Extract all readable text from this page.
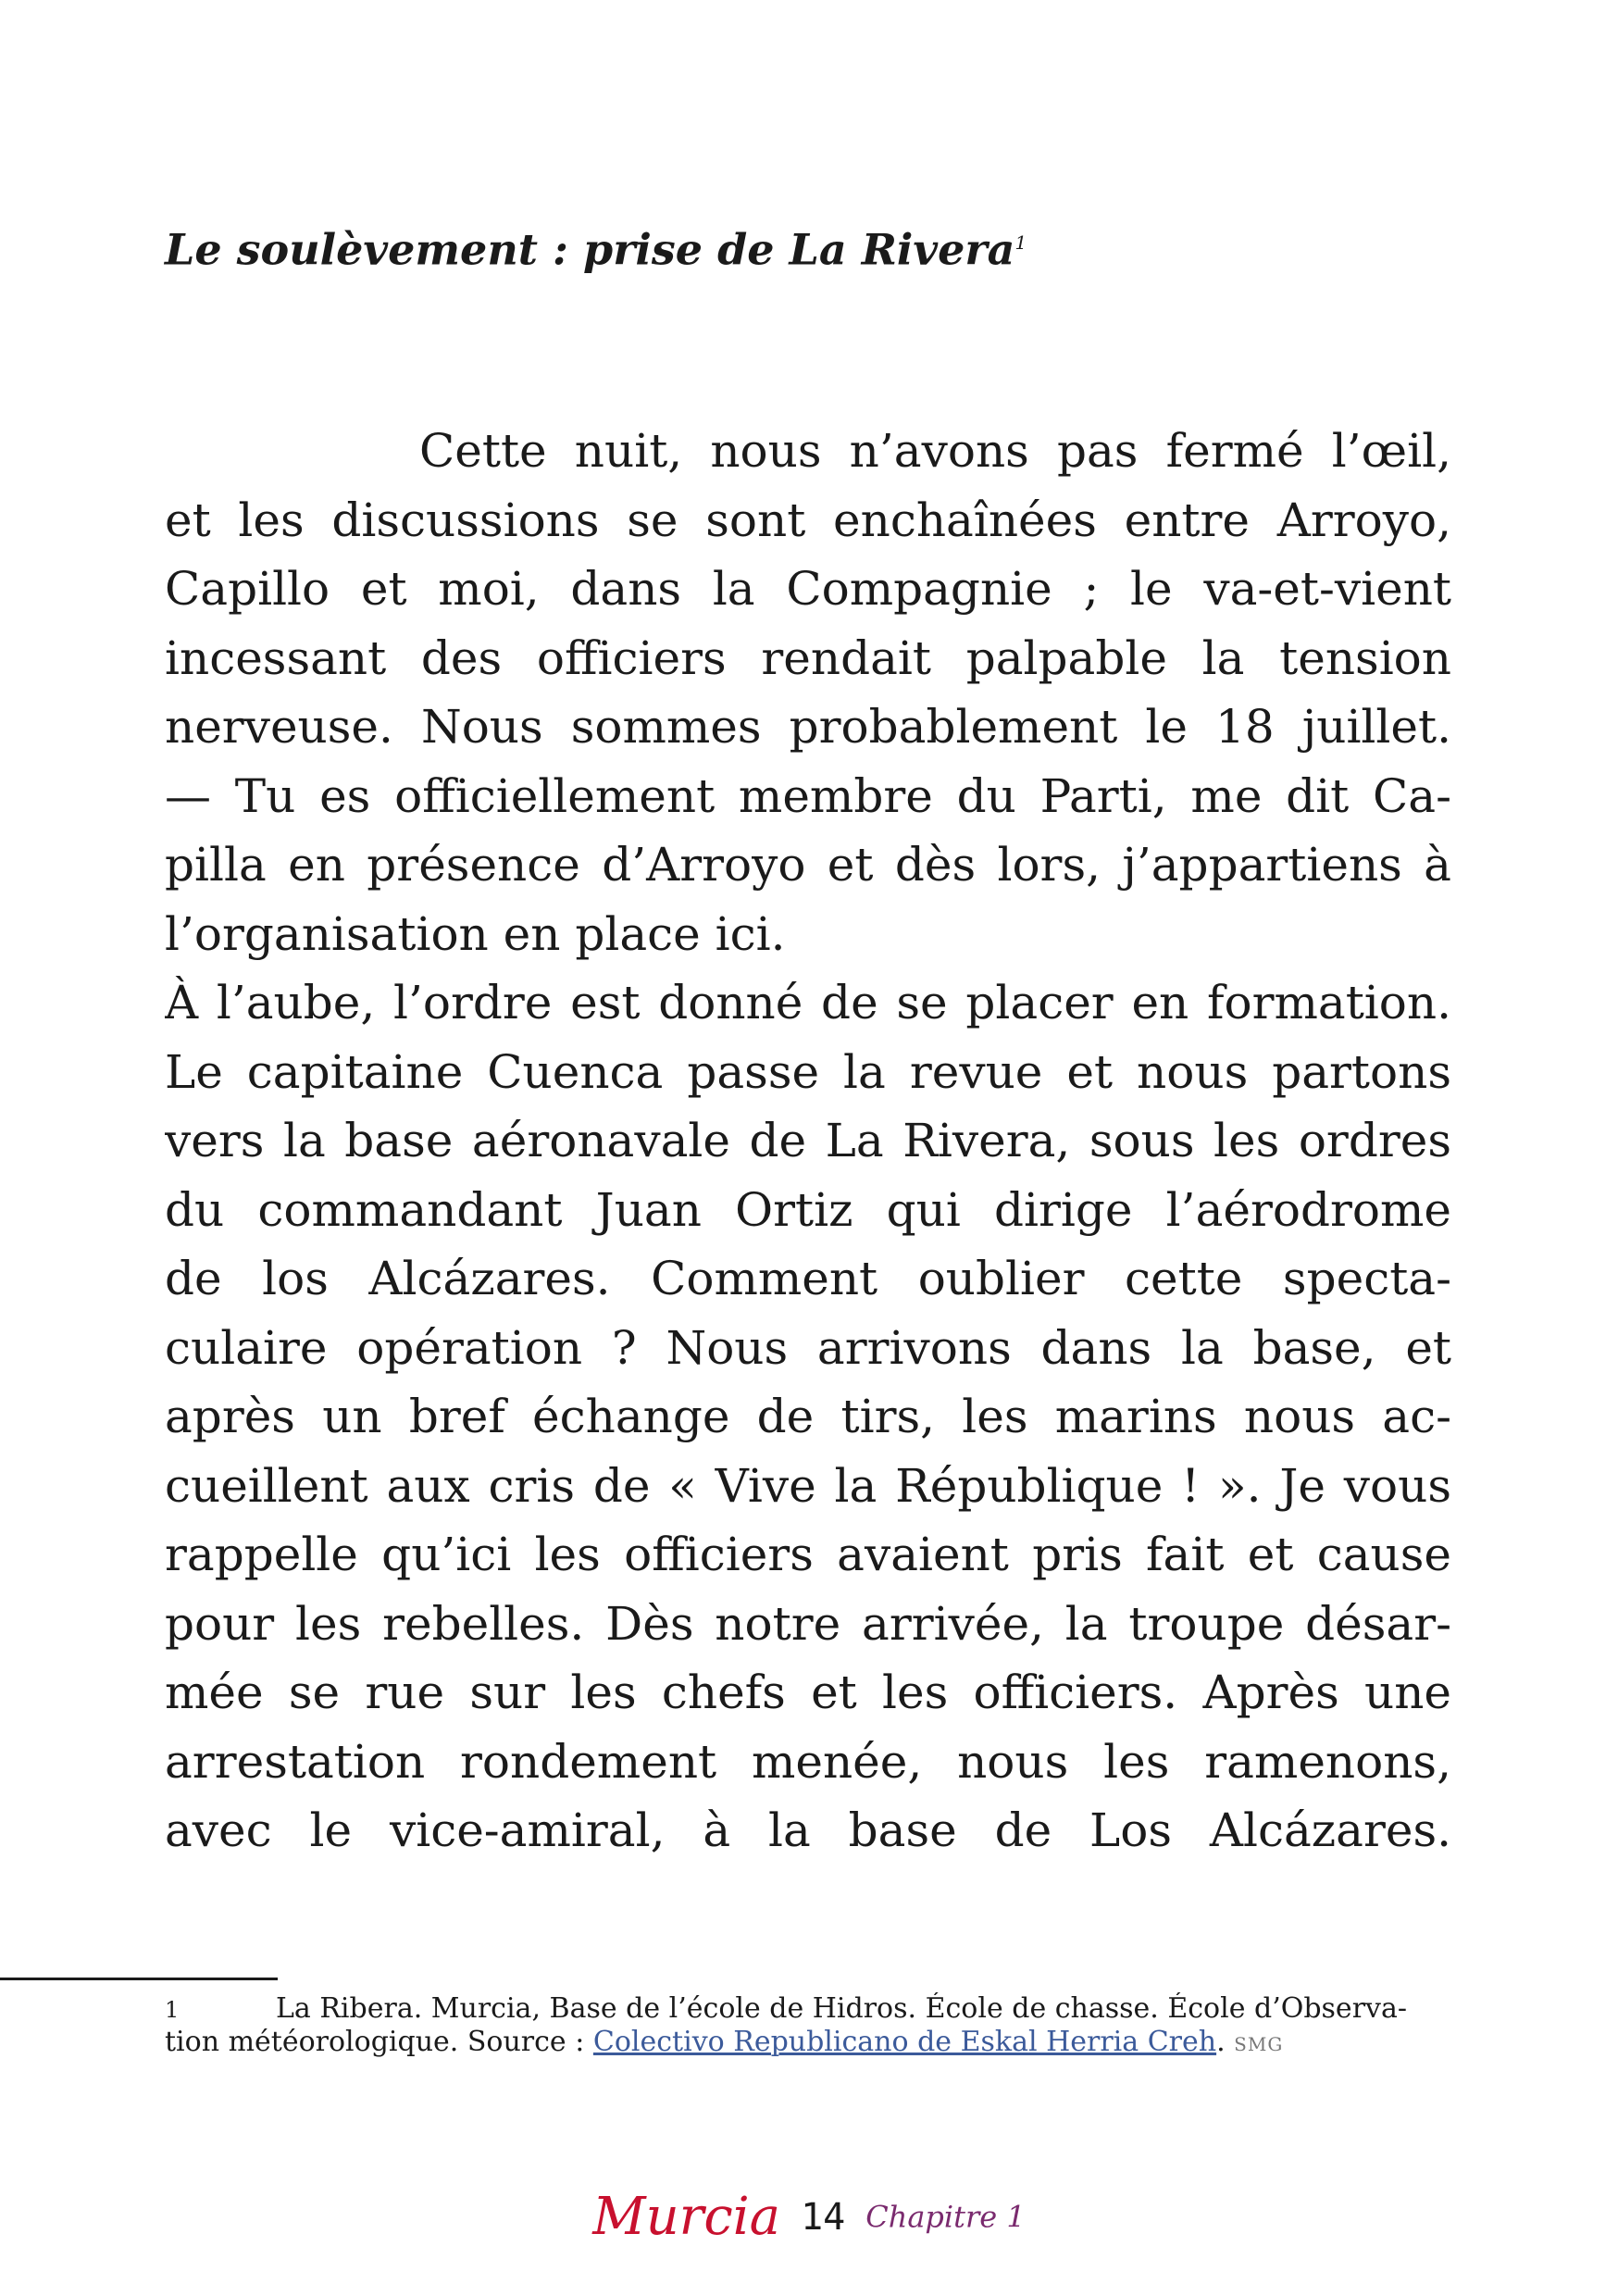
Le soulèvement : prise de La Rivera$^1$
Cette nuit, nous n’avons pas fermé l’œil,
et les discussions se sont enchaînées entre Arroyo,
Capillo et moi, dans la Compagnie ; le va-et-vient
incessant des officiers rendait palpable la tension
nerveuse. Nous sommes probablement le 18 juillet.
— Tu es officiellement membre du Parti, me dit Ca-
pilla en présence d’Arroyo et dès lors, j’appartiens à
l’organisation en place ici.
À l’aube, l’ordre est donné de se placer en formation.
Le capitaine Cuenca passe la revue et nous partons
vers la base aéronavale de La Rivera, sous les ordres
du commandant Juan Ortiz qui dirige l’aérodrome
de los Alcázares. Comment oublier cette specta-
culaire opération ? Nous arrivons dans la base, et
après un bref échange de tirs, les marins nous ac-
cueillent aux cris de « Vive la République ! ». Je vous
rappelle qu’ici les officiers avaient pris fait et cause
pour les rebelles. Dès notre arrivée, la troupe désar-
mée se rue sur les chefs et les officiers. Après une
arrestation rondement menée, nous les ramenons,
avec le vice-amiral, à la base de Los Alcázares.
1	La Ribera. Murcia, Base de l’école de Hidros. École de chasse. École d’Observa-
tion météorologique. Source : Colectivo Republicano de Eskal Herria Creh. SMG
Murcia 14 Chapitre 1
